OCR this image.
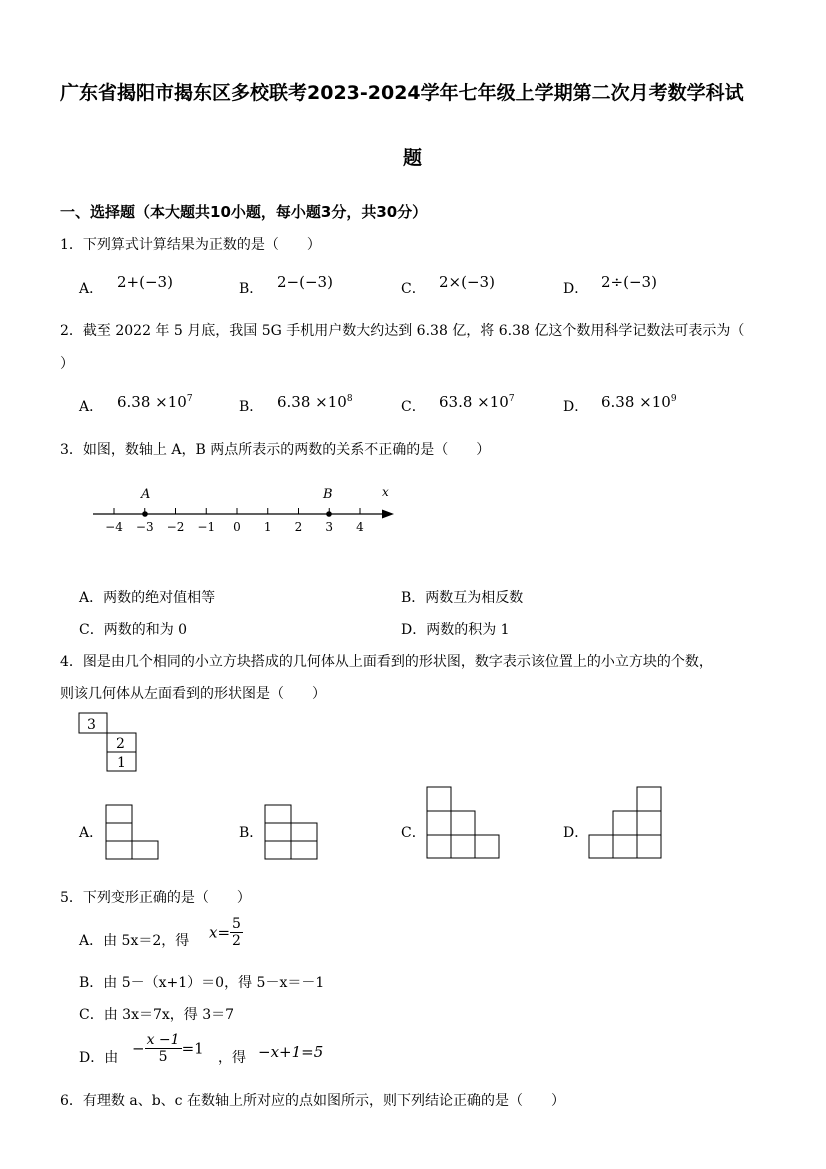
广东省揭阳市揭东区多校联考2023-2024学年七年级上学期第二次月考数学科试
题
一、选择题（本大题共10小题，每小题3分，共30分）
1．下列算式计算结果为正数的是（　　）
A． 2+(−3)	B． 2−(−3)	C． 2×(−3)	D． 2÷(−3)
2．截至 2022 年 5 月底，我国 5G 手机用户数大约达到 6.38 亿，将 6.38 亿这个数用科学记数法可表示为（
）
A． $6.38 \times 10^7$	B． $6.38 \times 10^8$	C． $63.8 \times 10^7$	D． $6.38 \times 10^9$
3．如图，数轴上 A，B 两点所表示的两数的关系不正确的是（　　）
−4 −3 −2 −1 0 1 2 3 4
A	B	x
A．两数的绝对值相等	B．两数互为相反数
C．两数的和为 0	D．两数的积为 1
4．图是由几个相同的小立方块搭成的几何体从上面看到的形状图，数字表示该位置上的小立方块的个数，
则该几何体从左面看到的形状图是（　　）
3
2
1
A．	B．	C．	D．
5．下列变形正确的是（　　）
A．由 5x＝2，得 $x= \frac{5}{2}$
B．由 5－（x+1）＝0，得 5－x＝－1
C．由 3x＝7x，得 3＝7
D．由
− $\frac{x -1}{5} =1$
，得 −x+1=5
6．有理数 a、b、c 在数轴上所对应的点如图所示，则下列结论正确的是（　　）
